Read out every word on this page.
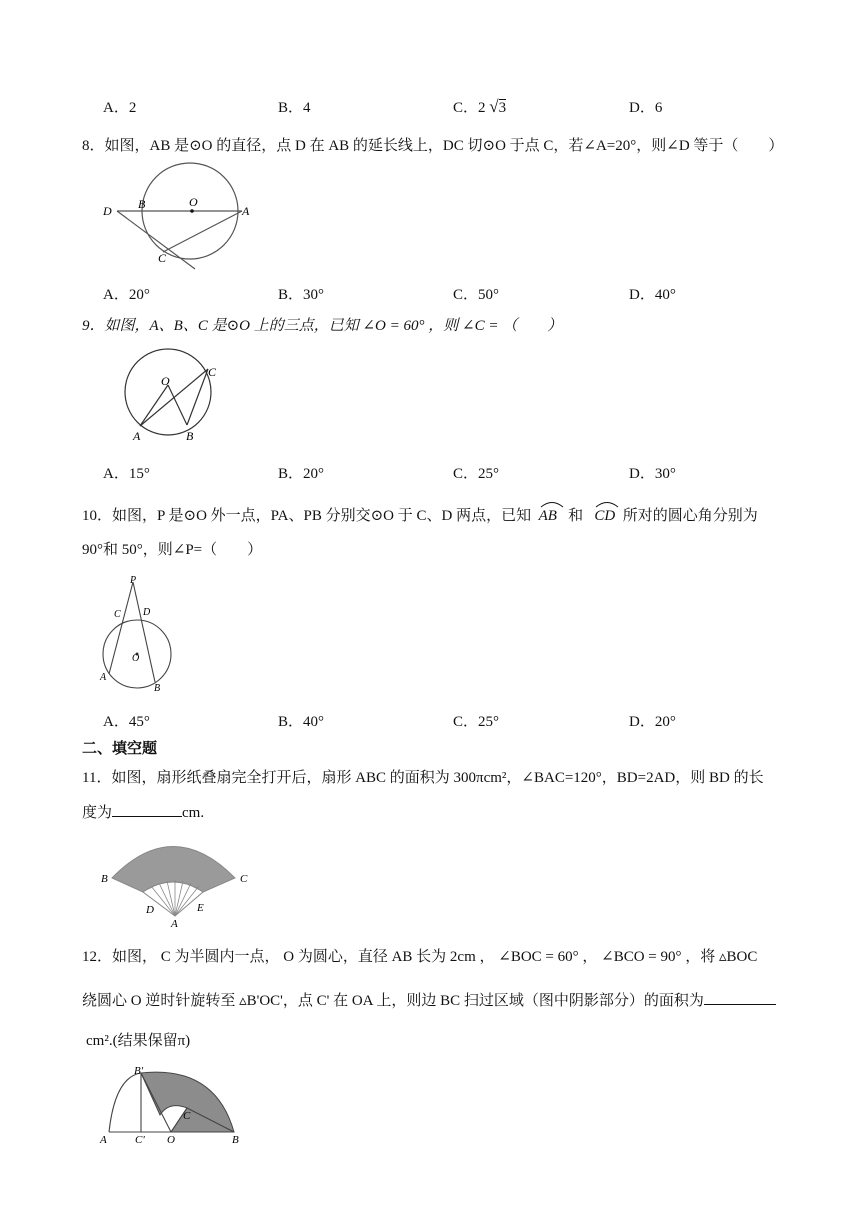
A．2	B．4	C．2 √3	D．6
8．如图，AB 是⊙O 的直径，点 D 在 AB 的延长线上，DC 切⊙O 于点 C，若∠A=20°，则∠D 等于（　　）
D B	O
A
C
A．20°	B．30°	C．50°	D．40°
9．如图，A、B、C 是⊙O 上的三点，已知 ∠O = 60° ，则 ∠C = （　　）
O
C
A	B
A．15°	B．20°	C．25°	D．30°
10．如图，P 是⊙O 外一点，PA、PB 分别交⊙O 于 C、D 两点，已知 AB 和 CD 所对的圆心角分别为
90°和 50°，则∠P=（　　）
P
C D
O
A
B
A．45°	B．40°	C．25°	D．20°
二、填空题
11．如图，扇形纸叠扇完全打开后，扇形 ABC 的面积为 300πcm²，∠BAC=120°，BD=2AD，则 BD 的长
度为	cm.
B	C
D	E
A
12．如图， C 为半圆内一点， O 为圆心，直径 AB 长为 2cm ， ∠BOC = 60° ， ∠BCO = 90° ，将 ▵BOC
绕圆心 O 逆时针旋转至 ▵B'OC'，点 C' 在 OA 上，则边 BC 扫过区域（图中阴影部分）的面积为
cm².(结果保留π)
B'
C
A	C' O	B
